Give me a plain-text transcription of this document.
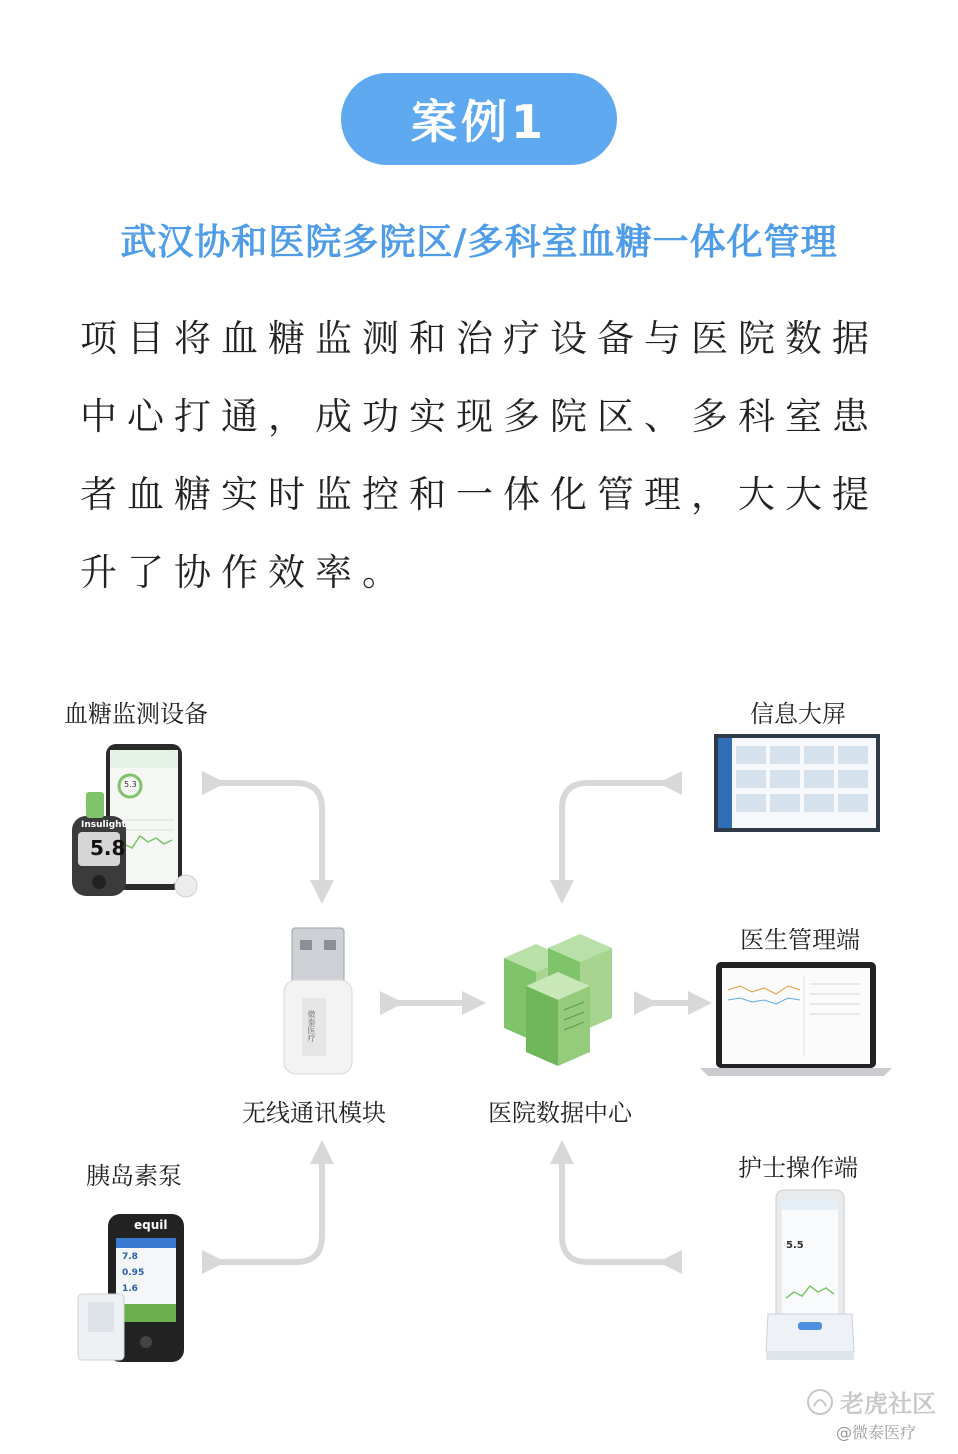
案例1
武汉协和医院多院区/多科室血糖一体化管理
项目将血糖监测和治疗设备与医院数据中心打通，成功实现多院区、多科室患者血糖实时监控和一体化管理，大大提升了协作效率。
血糖监测设备	信息大屏
医生管理端
无线通讯模块	医院数据中心
胰岛素泵	护士操作端
Insulight
5.8
5.3
微泰医疗
equil
7.8
0.95
1.6
5.5
老虎社区
@微泰医疗
